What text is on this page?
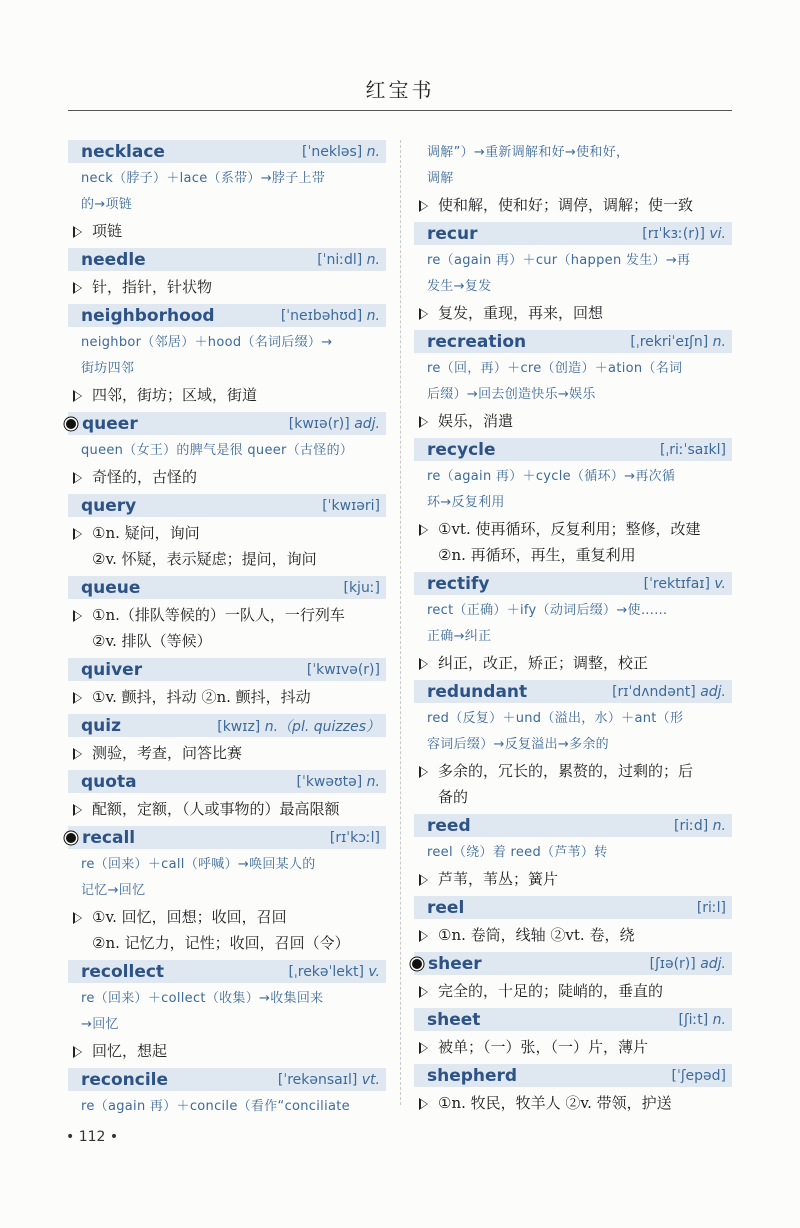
红宝书
necklace	[ˈnekləs] n.
neck（脖子）＋lace（系带）→脖子上带
的→项链
项链
needle	[ˈniːdl] n.
针，指针，针状物
neighborhood	[ˈneɪbəhʊd] n.
neighbor（邻居）＋hood（名词后缀）→
街坊四邻
四邻，街坊；区域，街道
queer	[kwɪə(r)] adj.
queen（女王）的脾气是很 queer（古怪的）
奇怪的，古怪的
query	[ˈkwɪəri]
①n. 疑问，询问
②v. 怀疑，表示疑虑；提问，询问
queue	[kjuː]
①n.（排队等候的）一队人，一行列车
②v. 排队（等候）
quiver	[ˈkwɪvə(r)]
①v. 颤抖，抖动 ②n. 颤抖，抖动
quiz	[kwɪz] n.（pl. quizzes）
测验，考查，问答比赛
quota	[ˈkwəʊtə] n.
配额，定额，（人或事物的）最高限额
recall	[rɪˈkɔːl]
re（回来）＋call（呼喊）→唤回某人的
记忆→回忆
①v. 回忆，回想；收回，召回
②n. 记忆力，记性；收回，召回（令）
recollect	[ˌrekəˈlekt] v.
re（回来）＋collect（收集）→收集回来
→回忆
回忆，想起
reconcile	[ˈrekənsaɪl] vt.
re（again 再）＋concile（看作“conciliate
调解”）→重新调解和好→使和好，
调解
使和解，使和好；调停，调解；使一致
recur	[rɪˈkɜː(r)] vi.
re（again 再）＋cur（happen 发生）→再
发生→复发
复发，重现，再来，回想
recreation	[ˌrekriˈeɪʃn] n.
re（回，再）＋cre（创造）＋ation（名词
后缀）→回去创造快乐→娱乐
娱乐，消遣
recycle	[ˌriːˈsaɪkl]
re（again 再）＋cycle（循环）→再次循
环→反复利用
①vt. 使再循环，反复利用；整修，改建
②n. 再循环，再生，重复利用
rectify	[ˈrektɪfaɪ] v.
rect（正确）＋ify（动词后缀）→使……
正确→纠正
纠正，改正，矫正；调整，校正
redundant	[rɪˈdʌndənt] adj.
red（反复）＋und（溢出，水）＋ant（形
容词后缀）→反复溢出→多余的
多余的，冗长的，累赘的，过剩的；后
备的
reed	[riːd] n.
reel（绕）着 reed（芦苇）转
芦苇，苇丛；簧片
reel	[riːl]
①n. 卷筒，线轴 ②vt. 卷，绕
sheer	[ʃɪə(r)] adj.
完全的，十足的；陡峭的，垂直的
sheet	[ʃiːt] n.
被单；（一）张，（一）片，薄片
shepherd	[ˈʃepəd]
①n. 牧民，牧羊人 ②v. 带领，护送
• 112 •
